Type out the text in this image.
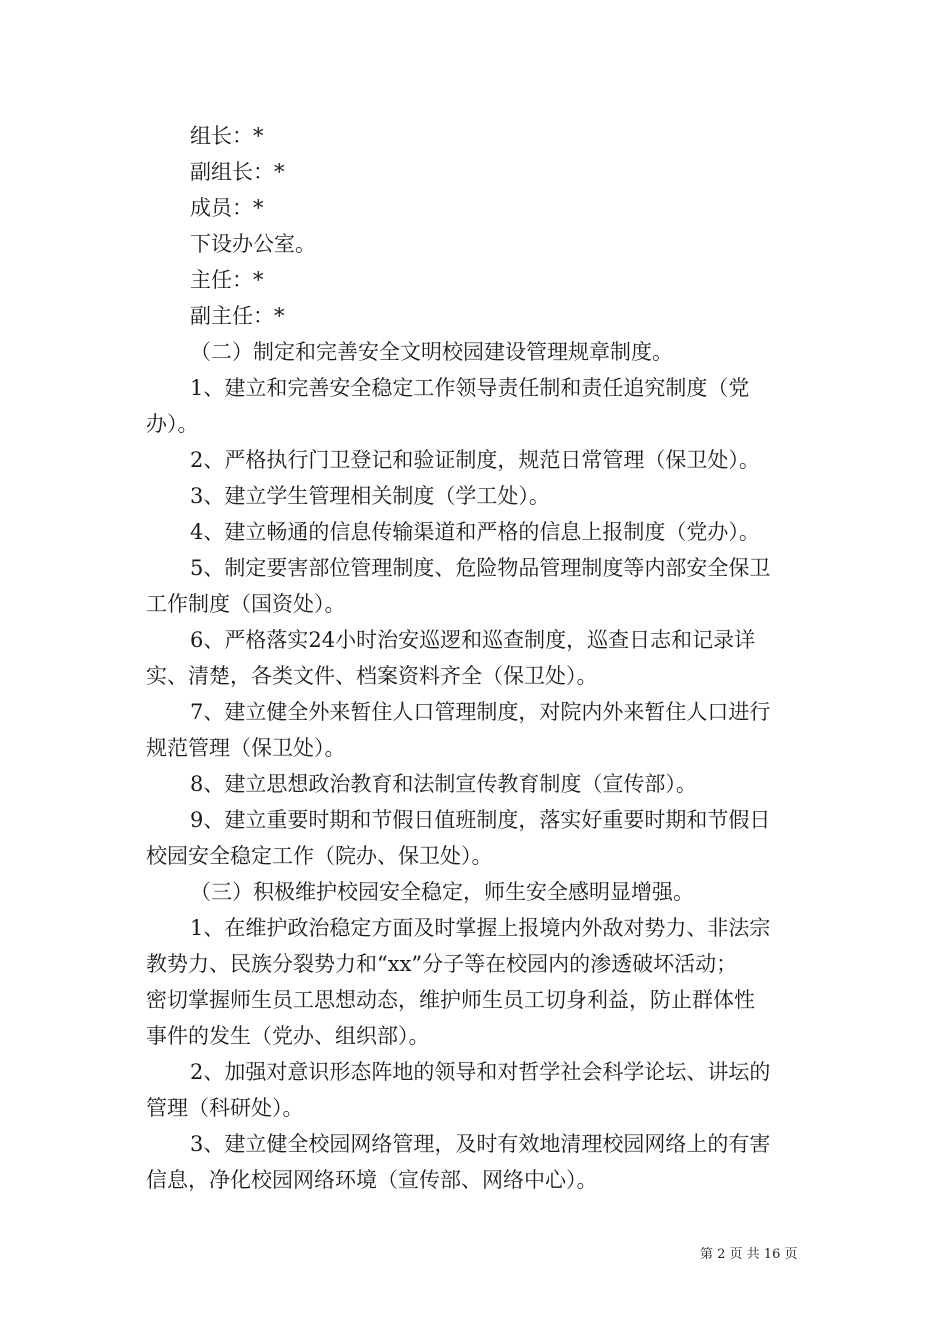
组长：*
副组长：*
成员：*
下设办公室。
主任：*
副主任：*
（二）制定和完善安全文明校园建设管理规章制度。
1、建立和完善安全稳定工作领导责任制和责任追究制度（党
办）。
2、严格执行门卫登记和验证制度，规范日常管理（保卫处）。
3、建立学生管理相关制度（学工处）。
4、建立畅通的信息传输渠道和严格的信息上报制度（党办）。
5、制定要害部位管理制度、危险物品管理制度等内部安全保卫
工作制度（国资处）。
6、严格落实24小时治安巡逻和巡查制度，巡查日志和记录详
实、清楚，各类文件、档案资料齐全（保卫处）。
7、建立健全外来暂住人口管理制度，对院内外来暂住人口进行
规范管理（保卫处）。
8、建立思想政治教育和法制宣传教育制度（宣传部）。
9、建立重要时期和节假日值班制度，落实好重要时期和节假日
校园安全稳定工作（院办、保卫处）。
（三）积极维护校园安全稳定，师生安全感明显增强。
1、在维护政治稳定方面及时掌握上报境内外敌对势力、非法宗
教势力、民族分裂势力和“xx”分子等在校园内的渗透破坏活动；
密切掌握师生员工思想动态，维护师生员工切身利益，防止群体性
事件的发生（党办、组织部）。
2、加强对意识形态阵地的领导和对哲学社会科学论坛、讲坛的
管理（科研处）。
3、建立健全校园网络管理，及时有效地清理校园网络上的有害
信息，净化校园网络环境（宣传部、网络中心）。
第 2 页 共 16 页
